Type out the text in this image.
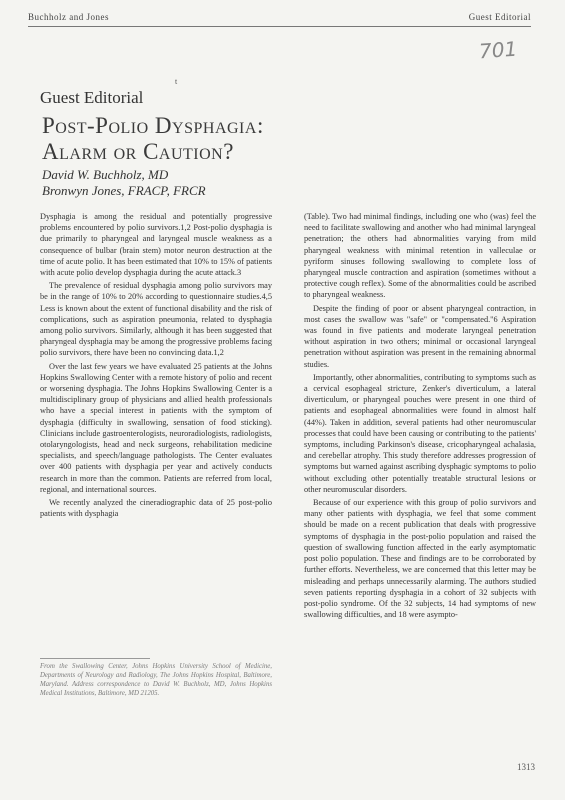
Buchholz and Jones	Guest Editorial
701
t
Guest Editorial
Post-Polio Dysphagia:
Alarm or Caution?
David W. Buchholz, MD
Bronwyn Jones, FRACP, FRCR

Dysphagia is among the residual and potentially progressive problems encountered by polio survivors.1,2 Post-polio dysphagia is due primarily to pharyngeal and laryngeal muscle weakness as a consequence of bulbar (brain stem) motor neuron destruction at the time of acute polio. It has been estimated that 10% to 15% of patients with acute polio develop dysphagia during the acute attack.3

The prevalence of residual dysphagia among polio survivors may be in the range of 10% to 20% according to questionnaire studies.4,5 Less is known about the extent of functional disability and the risk of complications, such as aspiration pneumonia, related to dysphagia among polio survivors. Similarly, although it has been suggested that pharyngeal dysphagia may be among the progressive problems facing polio survivors, there have been no convincing data.1,2

Over the last few years we have evaluated 25 patients at the Johns Hopkins Swallowing Center with a remote history of polio and recent or worsening dysphagia. The Johns Hopkins Swallowing Center is a multidisciplinary group of physicians and allied health professionals who have a special interest in patients with the symptom of dysphagia (difficulty in swallowing, sensation of food sticking). Clinicians include gastroenterologists, neuroradiologists, radiologists, otolaryngologists, head and neck surgeons, rehabilitation medicine specialists, and speech/language pathologists. The Center evaluates over 400 patients with dysphagia per year and actively conducts research in more than the common. Patients are referred from local, regional, and international sources.

We recently analyzed the cineradiographic data of 25 post-polio patients with dysphagia

From the Swallowing Center, Johns Hopkins University School of Medicine, Departments of Neurology and Radiology, The Johns Hopkins Hospital, Baltimore, Maryland. Address correspondence to David W. Buchholz, MD, Johns Hopkins Medical Institutions, Baltimore, MD 21205.

(Table). Two had minimal findings, including one who (was) feel the need to facilitate swallowing and another who had minimal laryngeal penetration; the others had abnormalities varying from mild pharyngeal weakness with minimal retention in valleculae or pyriform sinuses following swallowing to complete loss of pharyngeal muscle contraction and aspiration (sometimes without a protective cough reflex). Some of the abnormalities could be ascribed to pharyngeal weakness.

Despite the finding of poor or absent pharyngeal contraction, in most cases the swallow was "safe" or "compensated."6 Aspiration was found in five patients and moderate laryngeal penetration without aspiration in two others; minimal or occasional laryngeal penetration without aspiration was present in the remaining abnormal studies.

Importantly, other abnormalities, contributing to symptoms such as a cervical esophageal stricture, Zenker's diverticulum, a lateral diverticulum, or pharyngeal pouches were present in one third of patients and esophageal abnormalities were found in almost half (44%). Taken in addition, several patients had other neuromuscular processes that could have been causing or contributing to the patients' symptoms, including Parkinson's disease, cricopharyngeal achalasia, and cerebellar atrophy. This study therefore addresses progression of symptoms but warned against ascribing dysphagic symptoms to polio without excluding other potentially treatable structural lesions or other neuromuscular disorders.

Because of our experience with this group of polio survivors and many other patients with dysphagia, we feel that some comment should be made on a recent publication that deals with progressive symptoms of dysphagia in the post-polio population and raised the question of swallowing function affected in the early asymptomatic post polio population. These and findings are to be corroborated by further efforts. Nevertheless, we are concerned that this letter may be misleading and perhaps unnecessarily alarming. The authors studied seven patients reporting dysphagia in a cohort of 32 subjects with post-polio syndrome. Of the 32 subjects, 14 had symptoms of new swallowing difficulties, and 18 were asympto-

1313
